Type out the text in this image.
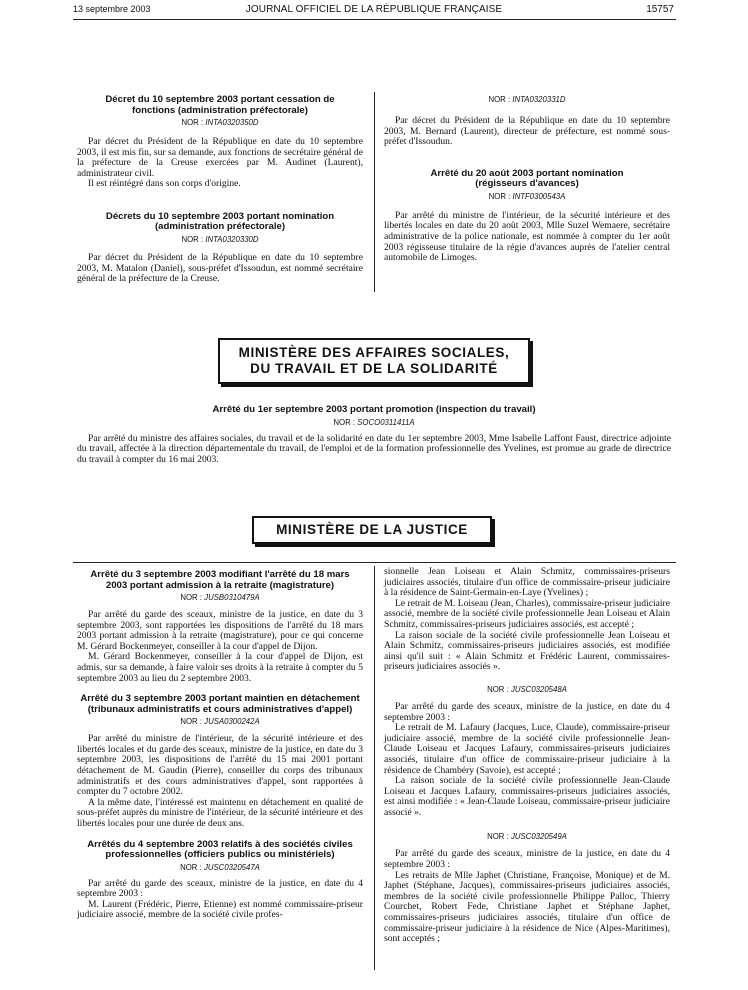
13 septembre 2003	JOURNAL OFFICIEL DE LA RÉPUBLIQUE FRANÇAISE	15757

Décret du 10 septembre 2003 portant cessation de fonctions (administration préfectorale)

NOR : INTA0320350D

Par décret du Président de la République en date du 10 septembre 2003, il est mis fin, sur sa demande, aux fonctions de secrétaire général de la préfecture de la Creuse exercées par M. Audinet (Laurent), administrateur civil.

Il est réintégré dans son corps d'origine.

Décrets du 10 septembre 2003 portant nomination (administration préfectorale)

NOR : INTA0320330D

Par décret du Président de la République en date du 10 septembre 2003, M. Matalon (Daniel), sous-préfet d'Issoudun, est nommé secrétaire général de la préfecture de la Creuse.

NOR : INTA0320331D

Par décret du Président de la République en date du 10 septembre 2003, M. Bernard (Laurent), directeur de préfecture, est nommé sous-préfet d'Issoudun.

Arrêté du 20 août 2003 portant nomination (régisseurs d'avances)

NOR : INTF0300543A

Par arrêté du ministre de l'intérieur, de la sécurité intérieure et des libertés locales en date du 20 août 2003, Mlle Suzel Wemaere, secrétaire administrative de la police nationale, est nommée à compter du 1er août 2003 régisseuse titulaire de la régie d'avances auprès de l'atelier central automobile de Limoges.

MINISTÈRE DES AFFAIRES SOCIALES,
DU TRAVAIL ET DE LA SOLIDARITÉ

Arrêté du 1er septembre 2003 portant promotion (inspection du travail)

NOR : SOCO0311411A

Par arrêté du ministre des affaires sociales, du travail et de la solidarité en date du 1er septembre 2003, Mme Isabelle Laffont Faust, directrice adjointe du travail, affectée à la direction départementale du travail, de l'emploi et de la formation professionnelle des Yvelines, est promue au grade de directrice du travail à compter du 16 mai 2003.

MINISTÈRE DE LA JUSTICE

Arrêté du 3 septembre 2003 modifiant l'arrêté du 18 mars 2003 portant admission à la retraite (magistrature)

NOR : JUSB0310479A

Par arrêté du garde des sceaux, ministre de la justice, en date du 3 septembre 2003, sont rapportées les dispositions de l'arrêté du 18 mars 2003 portant admission à la retraite (magistrature), pour ce qui concerne M. Gérard Bockenmeyer, conseiller à la cour d'appel de Dijon.

M. Gérard Bockenmeyer, conseiller à la cour d'appel de Dijon, est admis, sur sa demande, à faire valoir ses droits à la retraite à compter du 5 septembre 2003 au lieu du 2 septembre 2003.

Arrêté du 3 septembre 2003 portant maintien en détachement (tribunaux administratifs et cours administratives d'appel)

NOR : JUSA0300242A

Par arrêté du ministre de l'intérieur, de la sécurité intérieure et des libertés locales et du garde des sceaux, ministre de la justice, en date du 3 septembre 2003, les dispositions de l'arrêté du 15 mai 2001 portant détachement de M. Gaudin (Pierre), conseiller du corps des tribunaux administratifs et des cours administratives d'appel, sont rapportées à compter du 7 octobre 2002.

A la même date, l'intéressé est maintenu en détachement en qualité de sous-préfet auprès du ministre de l'intérieur, de la sécurité intérieure et des libertés locales pour une durée de deux ans.

Arrêtés du 4 septembre 2003 relatifs à des sociétés civiles professionnelles (officiers publics ou ministériels)

NOR : JUSC0320547A

Par arrêté du garde des sceaux, ministre de la justice, en date du 4 septembre 2003 :

M. Laurent (Frédéric, Pierre, Etienne) est nommé commissaire-priseur judiciaire associé, membre de la société civile profes-

sionnelle Jean Loiseau et Alain Schmitz, commissaires-priseurs judiciaires associés, titulaire d'un office de commissaire-priseur judiciaire à la résidence de Saint-Germain-en-Laye (Yvelines) ;

Le retrait de M. Loiseau (Jean, Charles), commissaire-priseur judiciaire associé, membre de la société civile professionnelle Jean Loiseau et Alain Schmitz, commissaires-priseurs judiciaires associés, est accepté ;

La raison sociale de la société civile professionnelle Jean Loiseau et Alain Schmitz, commissaires-priseurs judiciaires associés, est modifiée ainsi qu'il suit : « Alain Schmitz et Frédéric Laurent, commissaires-priseurs judiciaires associés ».

NOR : JUSC0320548A

Par arrêté du garde des sceaux, ministre de la justice, en date du 4 septembre 2003 :

Le retrait de M. Lafaury (Jacques, Luce, Claude), commissaire-priseur judiciaire associé, membre de la société civile professionnelle Jean-Claude Loiseau et Jacques Lafaury, commissaires-priseurs judiciaires associés, titulaire d'un office de commissaire-priseur judiciaire à la résidence de Chambéry (Savoie), est accepté ;

La raison sociale de la société civile professionnelle Jean-Claude Loiseau et Jacques Lafaury, commissaires-priseurs judiciaires associés, est ainsi modifiée : « Jean-Claude Loiseau, commissaire-priseur judiciaire associé ».

NOR : JUSC0320549A

Par arrêté du garde des sceaux, ministre de la justice, en date du 4 septembre 2003 :

Les retraits de Mlle Japhet (Christiane, Françoise, Monique) et de M. Japhet (Stéphane, Jacques), commissaires-priseurs judiciaires associés, membres de la société civile professionnelle Philippe Palloc, Thierry Courchet, Robert Fede, Christiane Japhet et Stéphane Japhet, commissaires-priseurs judiciaires associés, titulaire d'un office de commissaire-priseur judiciaire à la résidence de Nice (Alpes-Maritimes), sont acceptés ;
